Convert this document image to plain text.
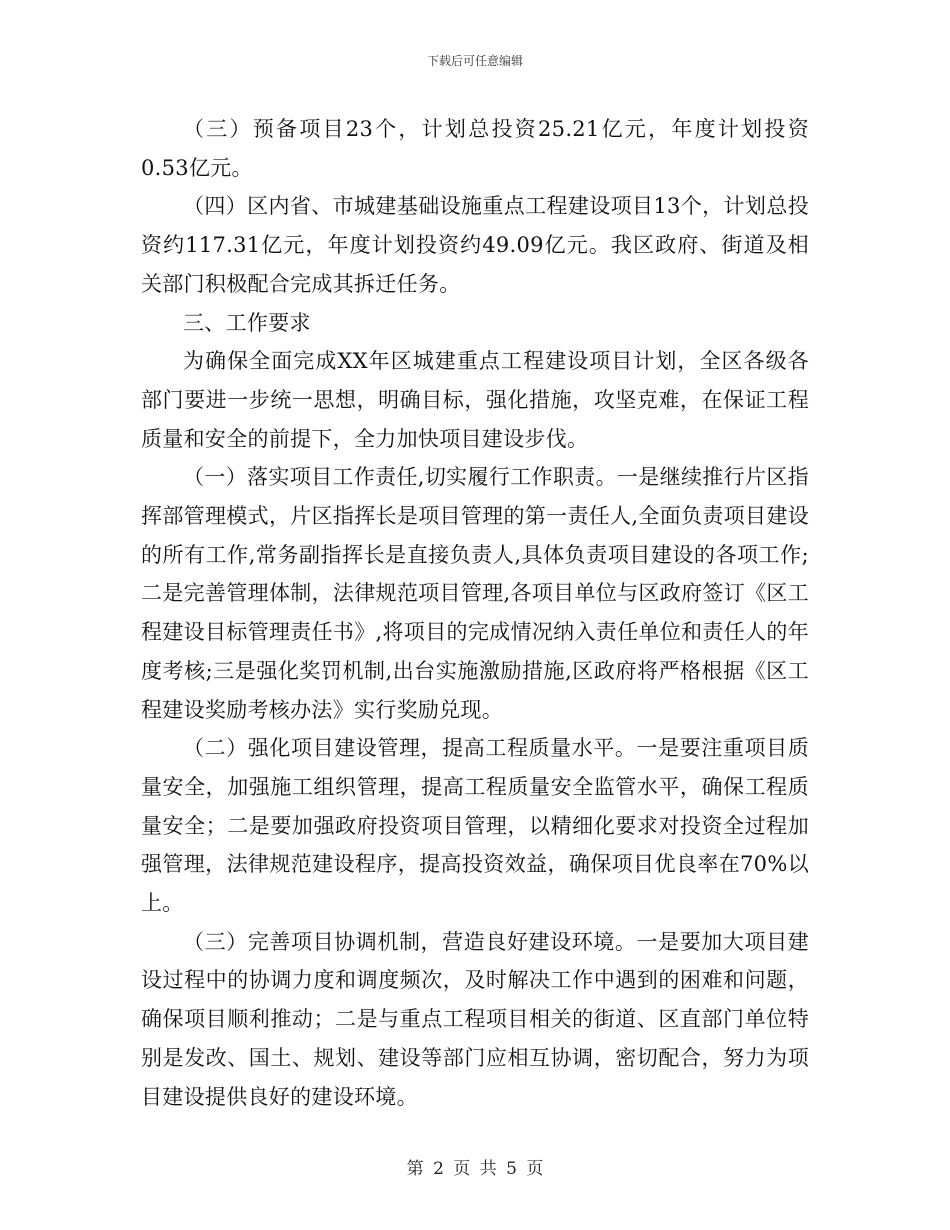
下载后可任意编辑

（三）预备项目23个，计划总投资25.21亿元，年度计划投资0.53亿元。

（四）区内省、市城建基础设施重点工程建设项目13个，计划总投资约117.31亿元，年度计划投资约49.09亿元。我区政府、街道及相关部门积极配合完成其拆迁任务。

三、工作要求

为确保全面完成XX年区城建重点工程建设项目计划，全区各级各部门要进一步统一思想，明确目标，强化措施，攻坚克难，在保证工程质量和安全的前提下，全力加快项目建设步伐。

（一）落实项目工作责任,切实履行工作职责。一是继续推行片区指挥部管理模式，片区指挥长是项目管理的第一责任人,全面负责项目建设的所有工作,常务副指挥长是直接负责人,具体负责项目建设的各项工作;二是完善管理体制，法律规范项目管理,各项目单位与区政府签订《区工程建设目标管理责任书》,将项目的完成情况纳入责任单位和责任人的年度考核;三是强化奖罚机制,出台实施激励措施,区政府将严格根据《区工程建设奖励考核办法》实行奖励兑现。

（二）强化项目建设管理，提高工程质量水平。一是要注重项目质量安全，加强施工组织管理，提高工程质量安全监管水平，确保工程质量安全；二是要加强政府投资项目管理，以精细化要求对投资全过程加强管理，法律规范建设程序，提高投资效益，确保项目优良率在70%以上。

（三）完善项目协调机制，营造良好建设环境。一是要加大项目建设过程中的协调力度和调度频次，及时解决工作中遇到的困难和问题，确保项目顺利推动；二是与重点工程项目相关的街道、区直部门单位特别是发改、国土、规划、建设等部门应相互协调，密切配合，努力为项目建设提供良好的建设环境。

第 2 页 共 5 页
